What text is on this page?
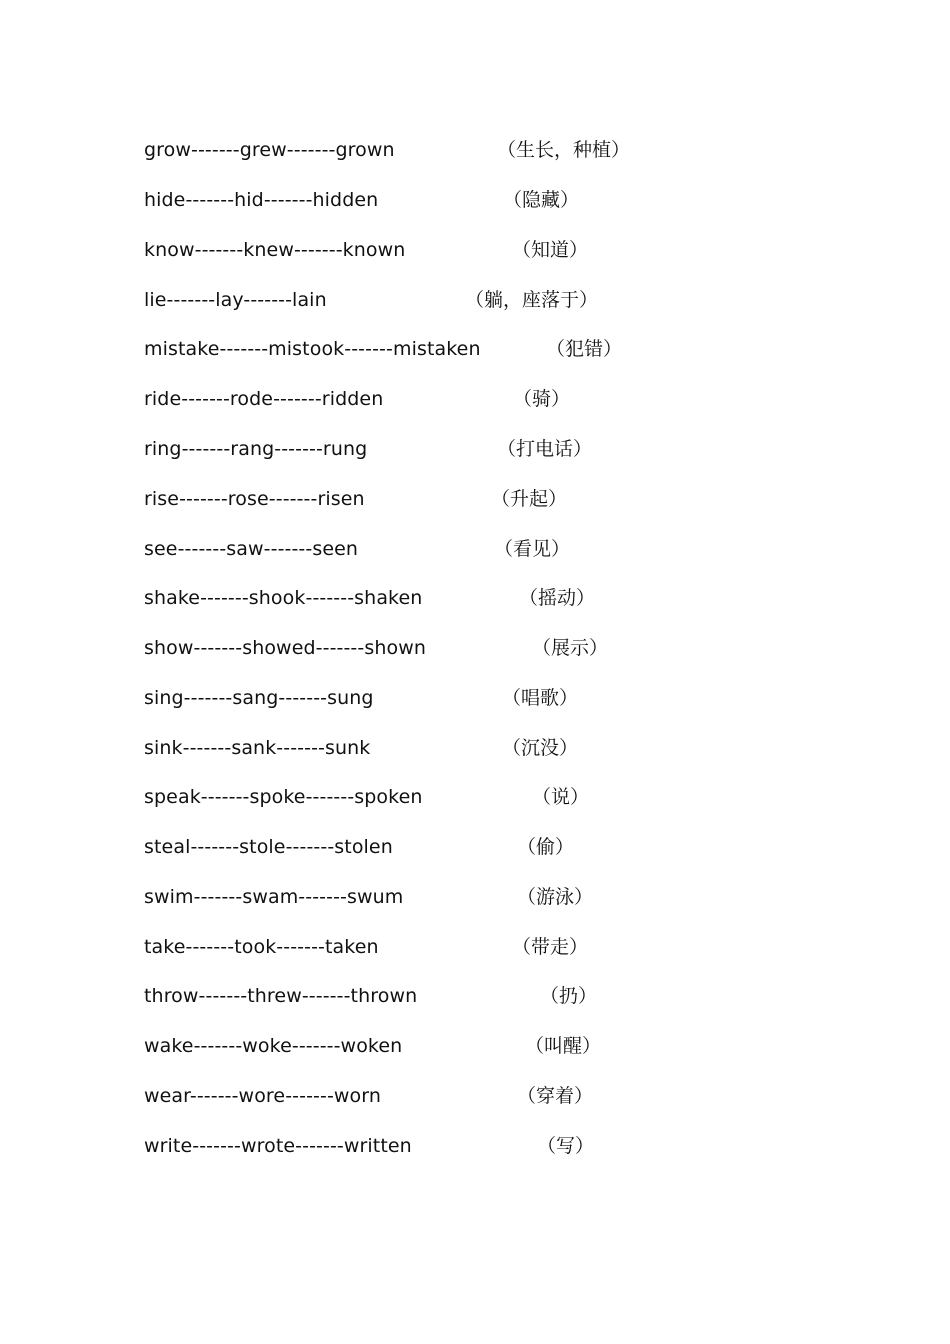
grow-------grew-------grown	（生长，种植）
hide-------hid-------hidden	（隐藏）
know-------knew-------known	（知道）
lie-------lay-------lain	（躺，座落于）
mistake-------mistook-------mistaken	（犯错）
ride-------rode-------ridden	（骑）
ring-------rang-------rung	（打电话）
rise-------rose-------risen	（升起）
see-------saw-------seen	（看见）
shake-------shook-------shaken	（摇动）
show-------showed-------shown	（展示）
sing-------sang-------sung	（唱歌）
sink-------sank-------sunk	（沉没）
speak-------spoke-------spoken	（说）
steal-------stole-------stolen	（偷）
swim-------swam-------swum	（游泳）
take-------took-------taken	（带走）
throw-------threw-------thrown	（扔）
wake-------woke-------woken	（叫醒）
wear-------wore-------worn	（穿着）
write-------wrote-------written	（写）
